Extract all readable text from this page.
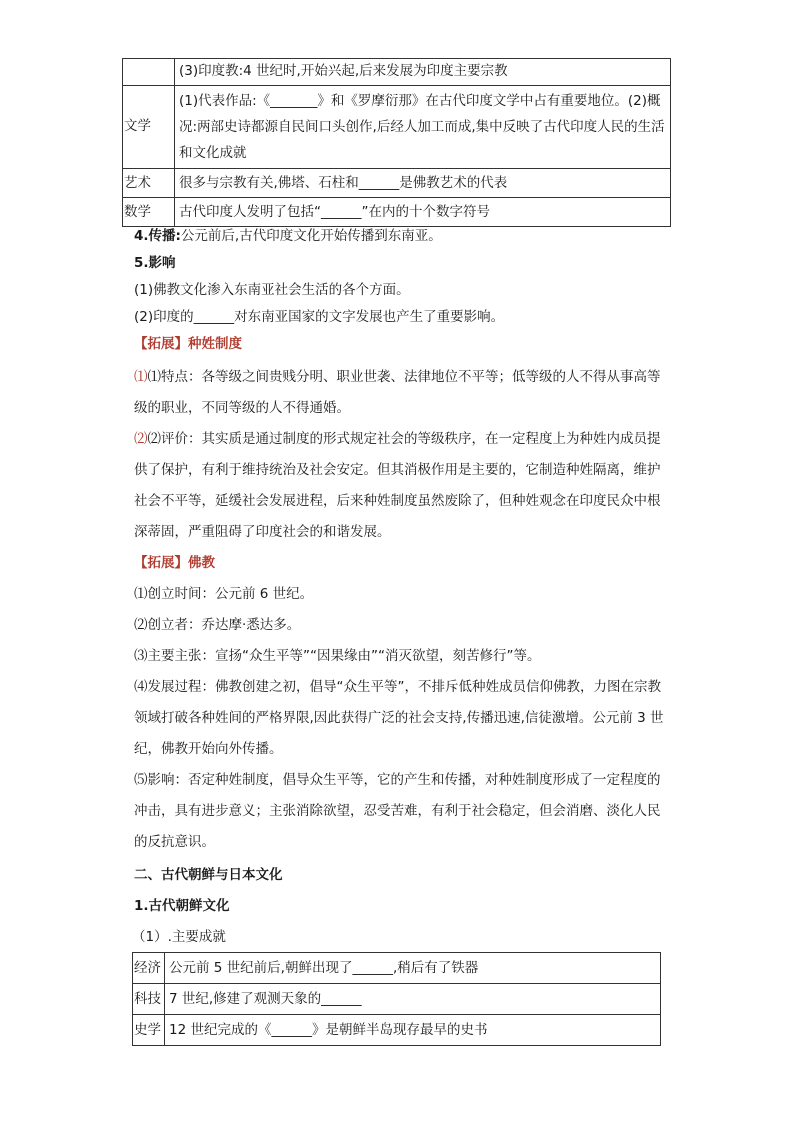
	(3)印度教:4 世纪时,开始兴起,后来发展为印度主要宗教
文学	(1)代表作品:《_______》和《罗摩衍那》在古代印度文学中占有重要地位。(2)概况:两部史诗都源自民间口头创作,后经人加工而成,集中反映了古代印度人民的生活和文化成就
艺术	很多与宗教有关,佛塔、石柱和______是佛教艺术的代表
数学	古代印度人发明了包括“______”在内的十个数字符号
4.传播:公元前后,古代印度文化开始传播到东南亚。
5.影响
(1)佛教文化渗入东南亚社会生活的各个方面。
(2)印度的______对东南亚国家的文字发展也产生了重要影响。
【拓展】种姓制度
⑴⑴特点：各等级之间贵贱分明、职业世袭、法律地位不平等；低等级的人不得从事高等级的职业，不同等级的人不得通婚。
⑵⑵评价：其实质是通过制度的形式规定社会的等级秩序，在一定程度上为种姓内成员提供了保护，有利于维持统治及社会安定。但其消极作用是主要的，它制造种姓隔离，维护社会不平等，延缓社会发展进程，后来种姓制度虽然废除了，但种姓观念在印度民众中根深蒂固，严重阻碍了印度社会的和谐发展。
【拓展】佛教
⑴创立时间：公元前 6 世纪。
⑵创立者：乔达摩·悉达多。
⑶主要主张：宣扬“众生平等”“因果缘由”“消灭欲望，刻苦修行”等。
⑷发展过程：佛教创建之初，倡导“众生平等”，不排斥低种姓成员信仰佛教，力图在宗教领域打破各种姓间的严格界限,因此获得广泛的社会支持,传播迅速,信徒激增。公元前 3 世纪，佛教开始向外传播。
⑸影响：否定种姓制度，倡导众生平等，它的产生和传播，对种姓制度形成了一定程度的冲击，具有进步意义；主张消除欲望，忍受苦难，有利于社会稳定，但会消磨、淡化人民的反抗意识。
二、古代朝鲜与日本文化
1.古代朝鲜文化
（1）.主要成就
经济	公元前 5 世纪前后,朝鲜出现了______,稍后有了铁器
科技	7 世纪,修建了观测天象的______
史学	12 世纪完成的《______》是朝鲜半岛现存最早的史书
